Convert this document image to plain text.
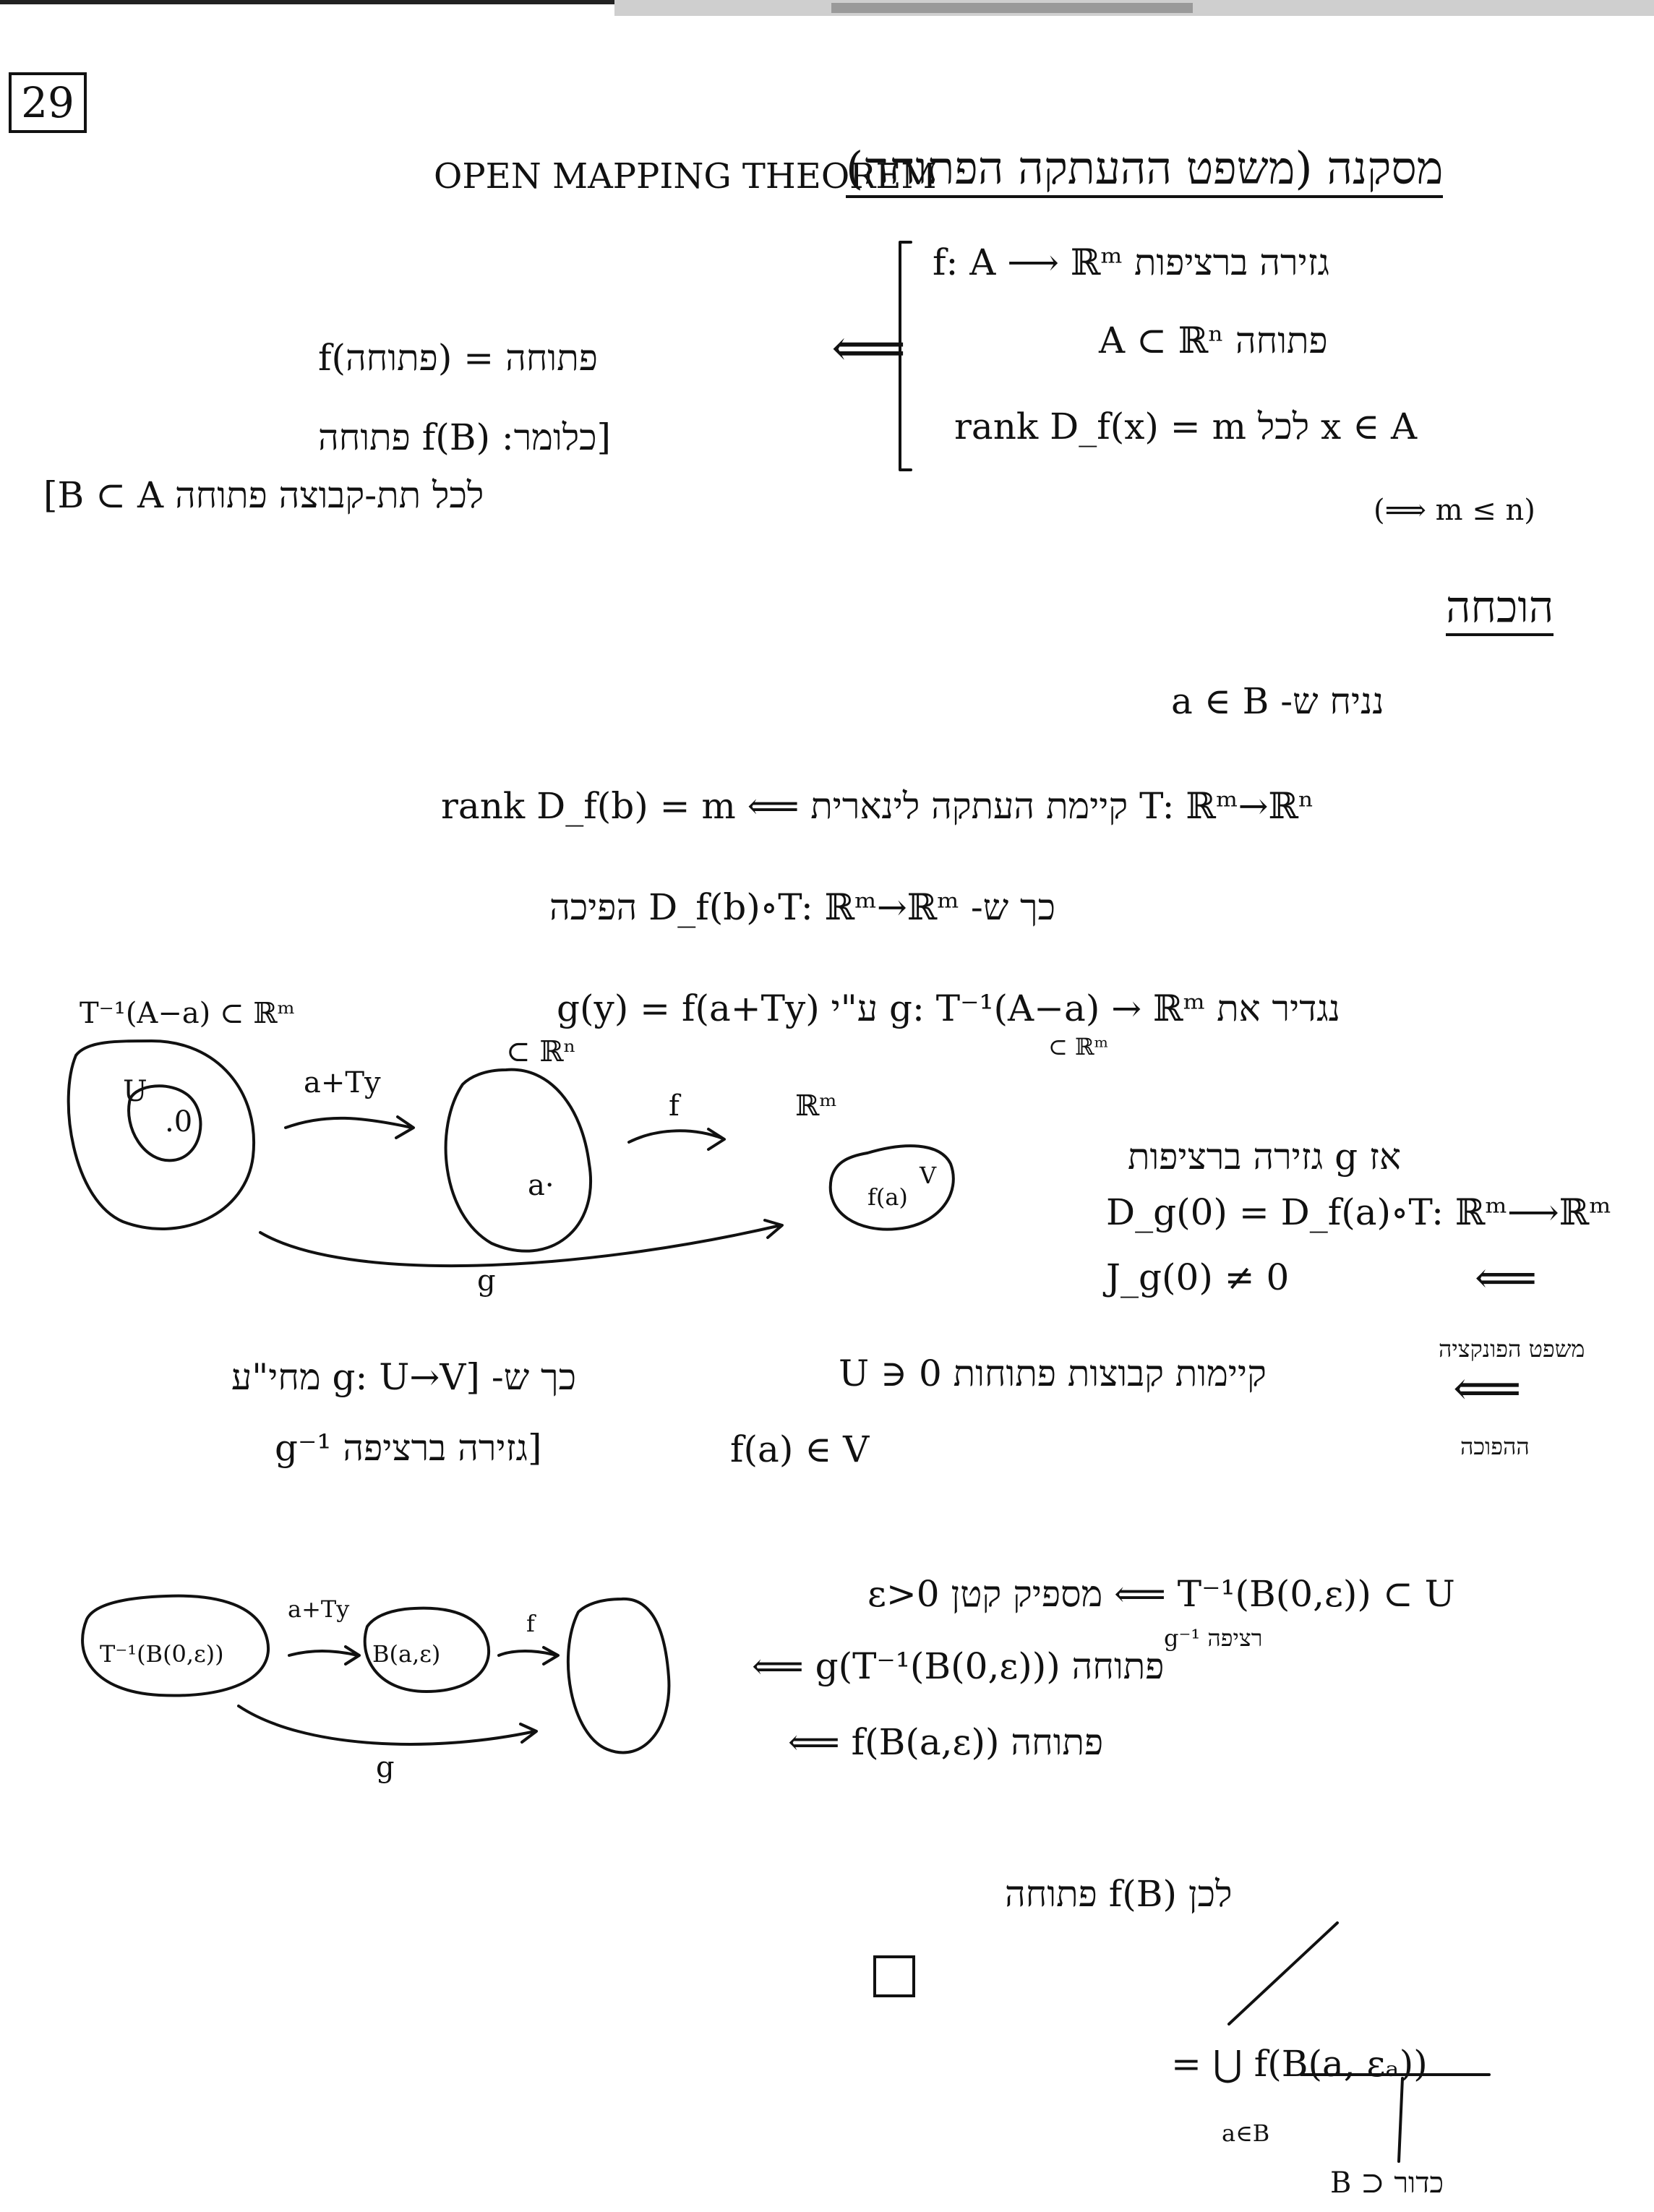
29
OPEN MAPPING THEOREM
מסקנה (משפט ההעתקה הפתוחה)
f: A ⟶ ℝᵐ גזירה ברציפות
A ⊂ ℝⁿ פתוחה
rank D_f(x) = m לכל x ∈ A
(⟹ m ≤ n)
⟸
f(פתוחה) = פתוחה
[כלומר: f(B) פתוחה
לכל תת-קבוצה פתוחה B ⊂ A]
הוכחה
נניח ש- a ∈ B
rank D_f(b) = m ⟸ קיימת העתקה לינארית T: ℝᵐ→ℝⁿ
כך ש- D_f(b)∘T: ℝᵐ→ℝᵐ הפיכה
נגדיר את g: T⁻¹(A−a) → ℝᵐ ע"י g(y) = f(a+Ty)
⊂ ℝᵐ
אז g גזירה ברציפות
D_g(0) = D_f(a)∘T: ℝᵐ⟶ℝᵐ
J_g(0) ≠ 0	⟸
משפט הפונקציה
⟸
ההפוכה
קיימות קבוצות פתוחות 0 ∈ U
f(a) ∈ V
כך ש- [g: U→V מחי"ע
g⁻¹ גזירה ברציפה]
ε>0 מספיק קטן ⟸ T⁻¹(B(0,ε)) ⊂ U
g⁻¹ רציפה
⟸ g(T⁻¹(B(0,ε))) פתוחה
⟸ f(B(a,ε)) פתוחה
לכן f(B) פתוחה
= ⋃ f(B(a, εₐ))
a∈B
כדור ⊂ B
T⁻¹(A−a) ⊂ ℝᵐ
U
.0
a+Ty
⊂ ℝⁿ
a·
f	ℝᵐ
f(a)
V
g
T⁻¹(B(0,ε))
a+Ty
B(a,ε)
f
g
